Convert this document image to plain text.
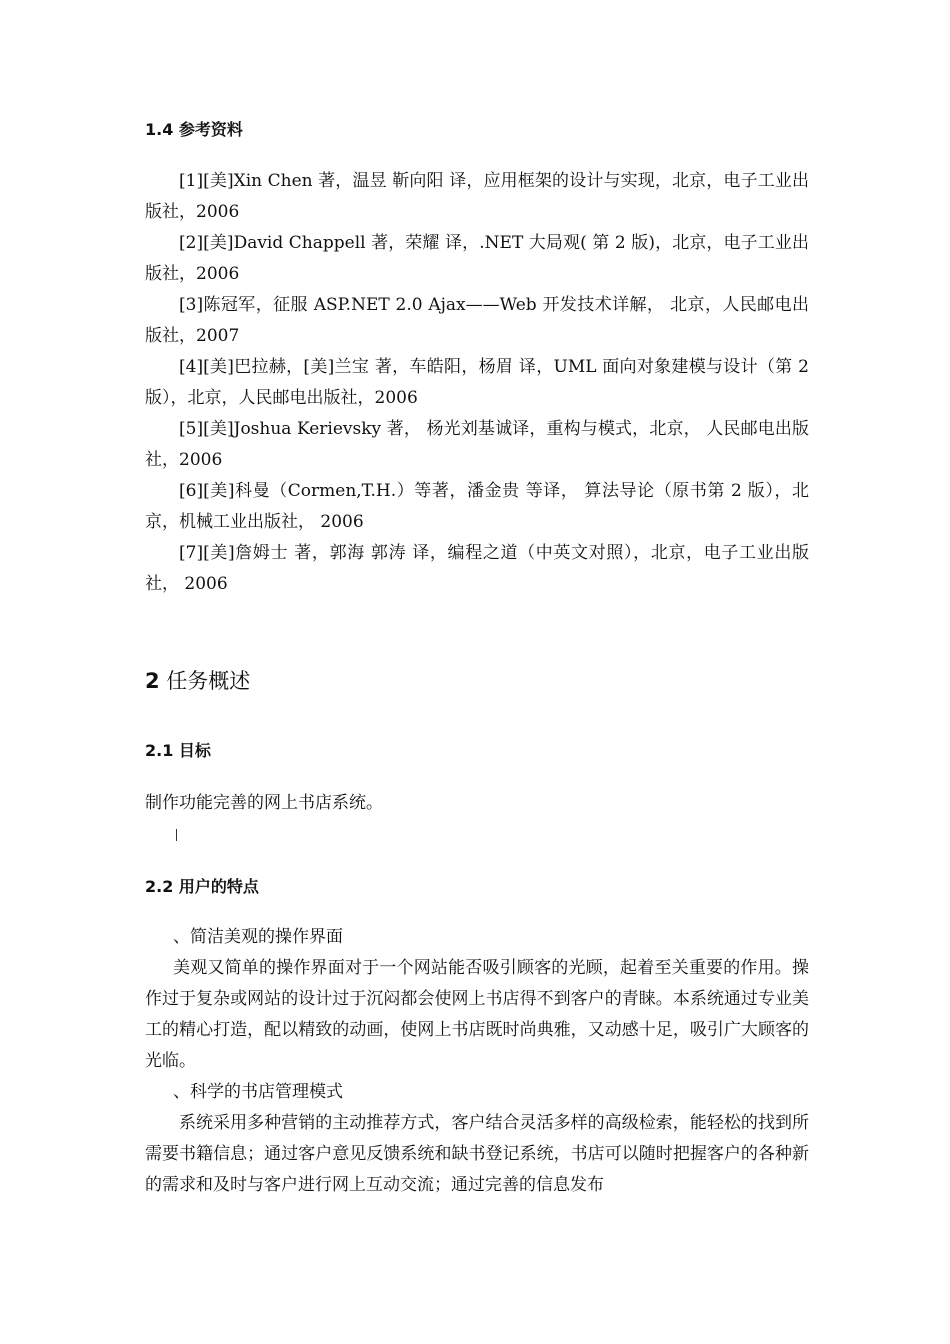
1.4 参考资料
[1][美]Xin Chen 著，温昱 靳向阳 译，应用框架的设计与实现，北京，电子工业出版社，2006
[2][美]David Chappell 著，荣耀 译，.NET 大局观( 第 2 版)，北京，电子工业出版社，2006
[3]陈冠军，征服 ASP.NET 2.0 Ajax——Web 开发技术详解， 北京，人民邮电出版社，2007
[4][美]巴拉赫，[美]兰宝 著，车皓阳，杨眉 译，UML 面向对象建模与设计（第 2 版），北京，人民邮电出版社，2006
[5][美]Joshua Kerievsky 著， 杨光刘基诚译，重构与模式，北京， 人民邮电出版社，2006
[6][美]科曼（Cormen,T.H.）等著，潘金贵 等译， 算法导论（原书第 2 版），北京，机械工业出版社， 2006
[7][美]詹姆士 著，郭海 郭涛 译，编程之道（中英文对照），北京，电子工业出版社， 2006
2 任务概述
2.1 目标
制作功能完善的网上书店系统。
2.2 用户的特点
、简洁美观的操作界面
美观又简单的操作界面对于一个网站能否吸引顾客的光顾，起着至关重要的作用。操作过于复杂或网站的设计过于沉闷都会使网上书店得不到客户的青睐。本系统通过专业美工的精心打造，配以精致的动画，使网上书店既时尚典雅，又动感十足，吸引广大顾客的光临。
、科学的书店管理模式
系统采用多种营销的主动推荐方式，客户结合灵活多样的高级检索，能轻松的找到所需要书籍信息；通过客户意见反馈系统和缺书登记系统，书店可以随时把握客户的各种新的需求和及时与客户进行网上互动交流；通过完善的信息发布
